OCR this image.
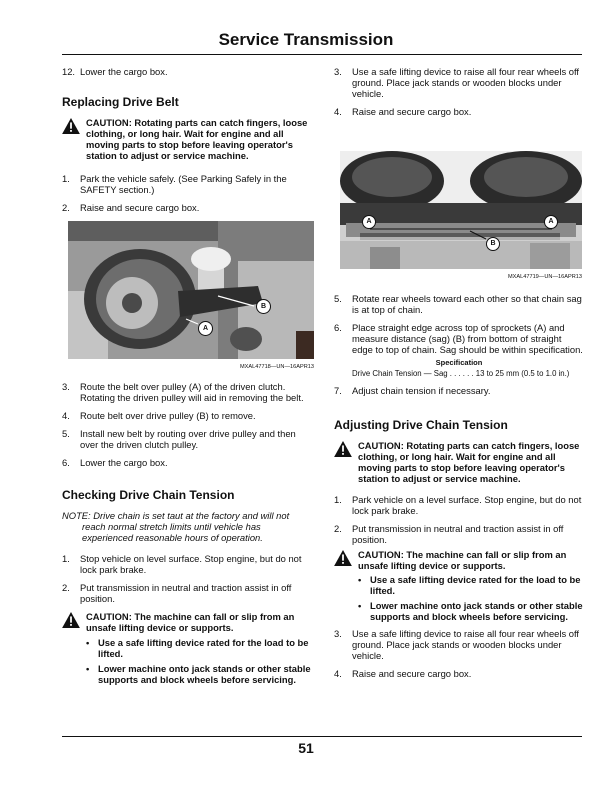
Service Transmission
12. Lower the cargo box.
Replacing Drive Belt
CAUTION: Rotating parts can catch fingers, loose clothing, or long hair. Wait for engine and all moving parts to stop before leaving operator's station to adjust or service machine.
1.	Park the vehicle safely. (See Parking Safely in the SAFETY section.)
2.	Raise and secure cargo box.
B
A
MXAL47718—UN—16APR13
3.	Route the belt over pulley (A) of the driven clutch. Rotating the driven pulley will aid in removing the belt.
4.	Route belt over drive pulley (B) to remove.
5.	Install new belt by routing over drive pulley and then over the driven clutch pulley.
6.	Lower the cargo box.
Checking Drive Chain Tension
NOTE: Drive chain is set taut at the factory and will not
reach normal stretch limits until vehicle has
experienced reasonable hours of operation.
1.	Stop vehicle on level surface. Stop engine, but do not lock park brake.
2.	Put transmission in neutral and traction assist in off position.
CAUTION: The machine can fall or slip from an unsafe lifting device or supports.
• Use a safe lifting device rated for the load to be lifted.
• Lower machine onto jack stands or other stable supports and block wheels before servicing.
3.	Use a safe lifting device to raise all four rear wheels off ground. Place jack stands or wooden blocks under vehicle.
4.	Raise and secure cargo box.
A	A
B
MXAL47719—UN—16APR13
5.	Rotate rear wheels toward each other so that chain sag is at top of chain.
6.	Place straight edge across top of sprockets (A) and measure distance (sag) (B) from bottom of straight edge to top of chain. Sag should be within specification.
Specification
Drive Chain Tension — Sag . . . . . . 13 to 25 mm (0.5 to 1.0 in.)
7.	Adjust chain tension if necessary.
Adjusting Drive Chain Tension
CAUTION: Rotating parts can catch fingers, loose clothing, or long hair. Wait for engine and all moving parts to stop before leaving operator's station to adjust or service machine.
1.	Park vehicle on a level surface. Stop engine, but do not lock park brake.
2.	Put transmission in neutral and traction assist in off position.
CAUTION: The machine can fall or slip from an unsafe lifting device or supports.
• Use a safe lifting device rated for the load to be lifted.
• Lower machine onto jack stands or other stable supports and block wheels before servicing.
3.	Use a safe lifting device to raise all four rear wheels off ground. Place jack stands or wooden blocks under vehicle.
4.	Raise and secure cargo box.
51
